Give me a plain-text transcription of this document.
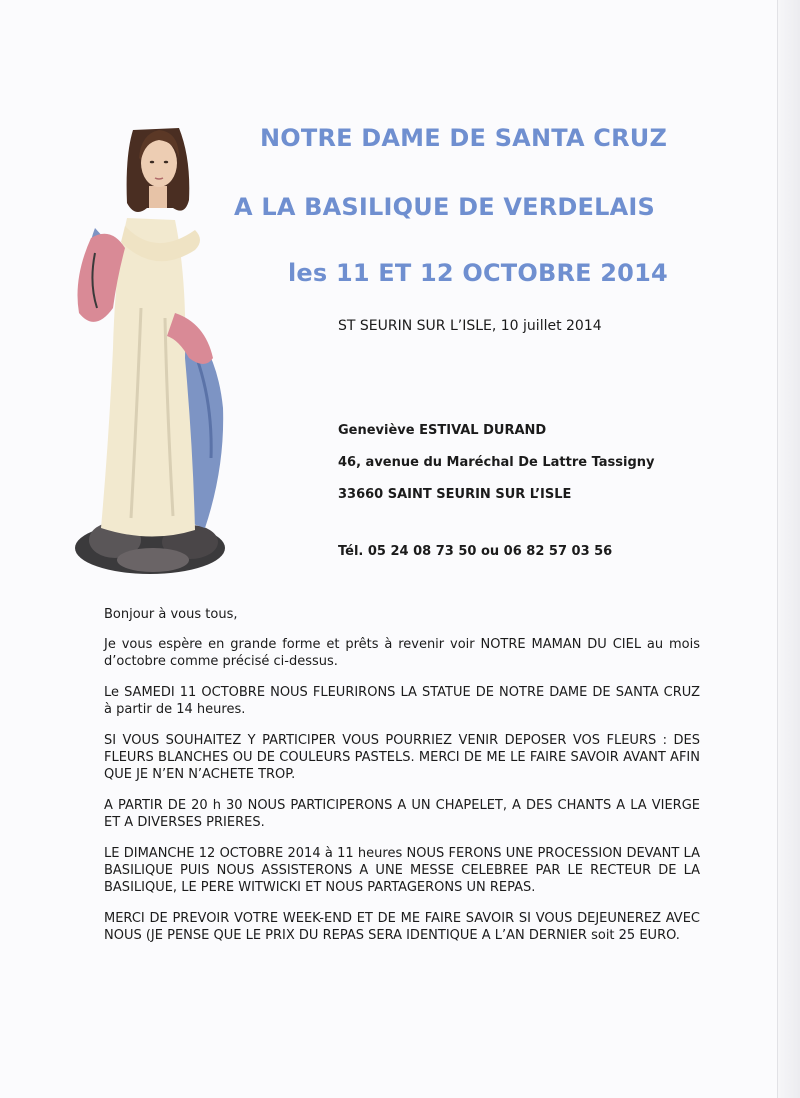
NOTRE DAME DE SANTA CRUZ
A LA BASILIQUE DE VERDELAIS
les 11 ET 12 OCTOBRE 2014
ST SEURIN SUR L’ISLE, 10 juillet 2014
Geneviève ESTIVAL DURAND
46, avenue du Maréchal De Lattre Tassigny
33660 SAINT SEURIN SUR L’ISLE
Tél. 05 24 08 73 50 ou 06 82 57 03 56

Bonjour à vous tous,

Je vous espère en grande forme et prêts à revenir voir NOTRE MAMAN DU CIEL au mois d’octobre comme précisé ci-dessus.

Le SAMEDI 11 OCTOBRE NOUS FLEURIRONS LA STATUE DE NOTRE DAME DE SANTA CRUZ à partir de 14 heures.

SI VOUS SOUHAITEZ Y PARTICIPER VOUS POURRIEZ VENIR DEPOSER VOS FLEURS : DES FLEURS BLANCHES OU DE COULEURS PASTELS. MERCI DE ME LE FAIRE SAVOIR AVANT AFIN QUE JE N’EN N’ACHETE TROP.

A PARTIR DE 20 h 30 NOUS PARTICIPERONS A UN CHAPELET, A DES CHANTS A LA VIERGE ET A DIVERSES PRIERES.

LE DIMANCHE 12 OCTOBRE 2014 à 11 heures NOUS FERONS UNE PROCESSION DEVANT LA BASILIQUE PUIS NOUS ASSISTERONS A UNE MESSE CELEBREE PAR LE RECTEUR DE LA BASILIQUE, LE PERE WITWICKI ET NOUS PARTAGERONS UN REPAS.

MERCI DE PREVOIR VOTRE WEEK-END ET DE ME FAIRE SAVOIR SI VOUS DEJEUNEREZ AVEC NOUS (JE PENSE QUE LE PRIX DU REPAS SERA IDENTIQUE A L’AN DERNIER soit 25 EURO.
